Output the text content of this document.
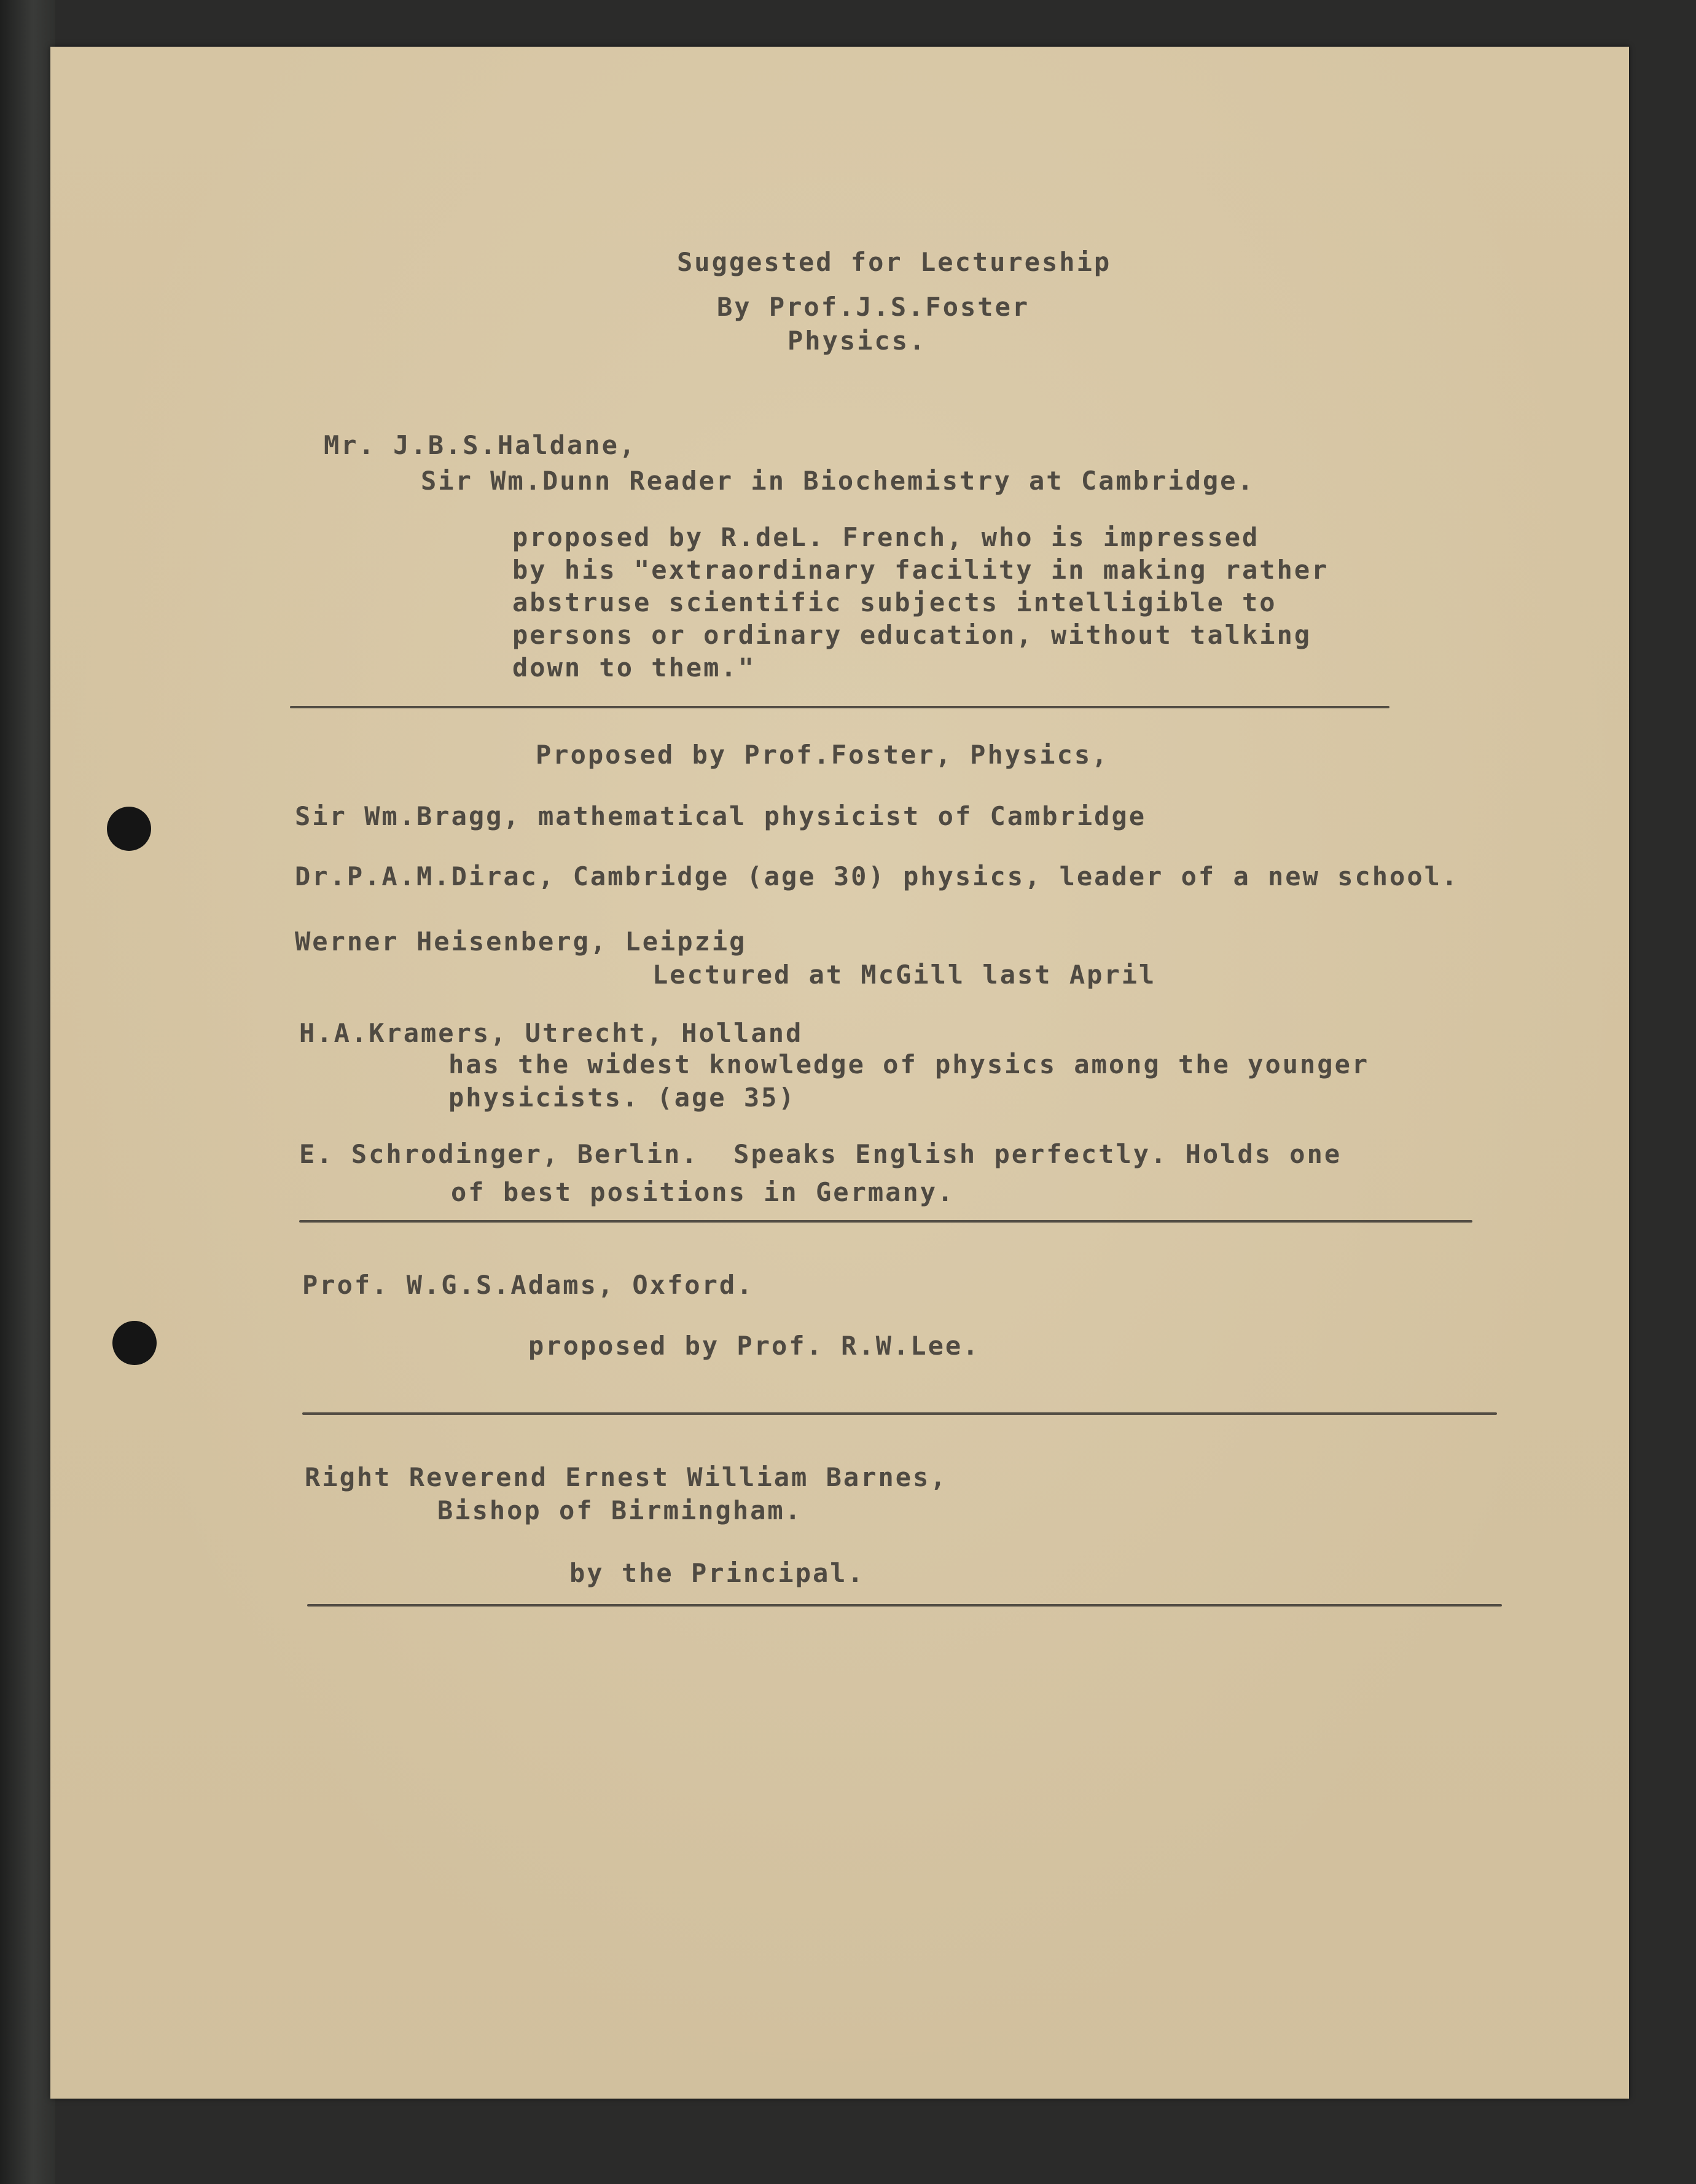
Suggested for Lectureship

By Prof.J.S.Foster

Physics.

Mr. J.B.S.Haldane,

Sir Wm.Dunn Reader in Biochemistry at Cambridge.

proposed by R.deL. French, who is impressed

by his "extraordinary facility in making rather

abstruse scientific subjects intelligible to

persons or ordinary education, without talking

down to them."

Proposed by Prof.Foster, Physics,

Sir Wm.Bragg, mathematical physicist of Cambridge

Dr.P.A.M.Dirac, Cambridge (age 30) physics, leader of a new school.

Werner Heisenberg, Leipzig

Lectured at McGill last April

H.A.Kramers, Utrecht, Holland

has the widest knowledge of physics among the younger

physicists. (age 35)

E. Schrodinger, Berlin.  Speaks English perfectly. Holds one

of best positions in Germany.

Prof. W.G.S.Adams, Oxford.

proposed by Prof. R.W.Lee.

Right Reverend Ernest William Barnes,

Bishop of Birmingham.

by the Principal.
